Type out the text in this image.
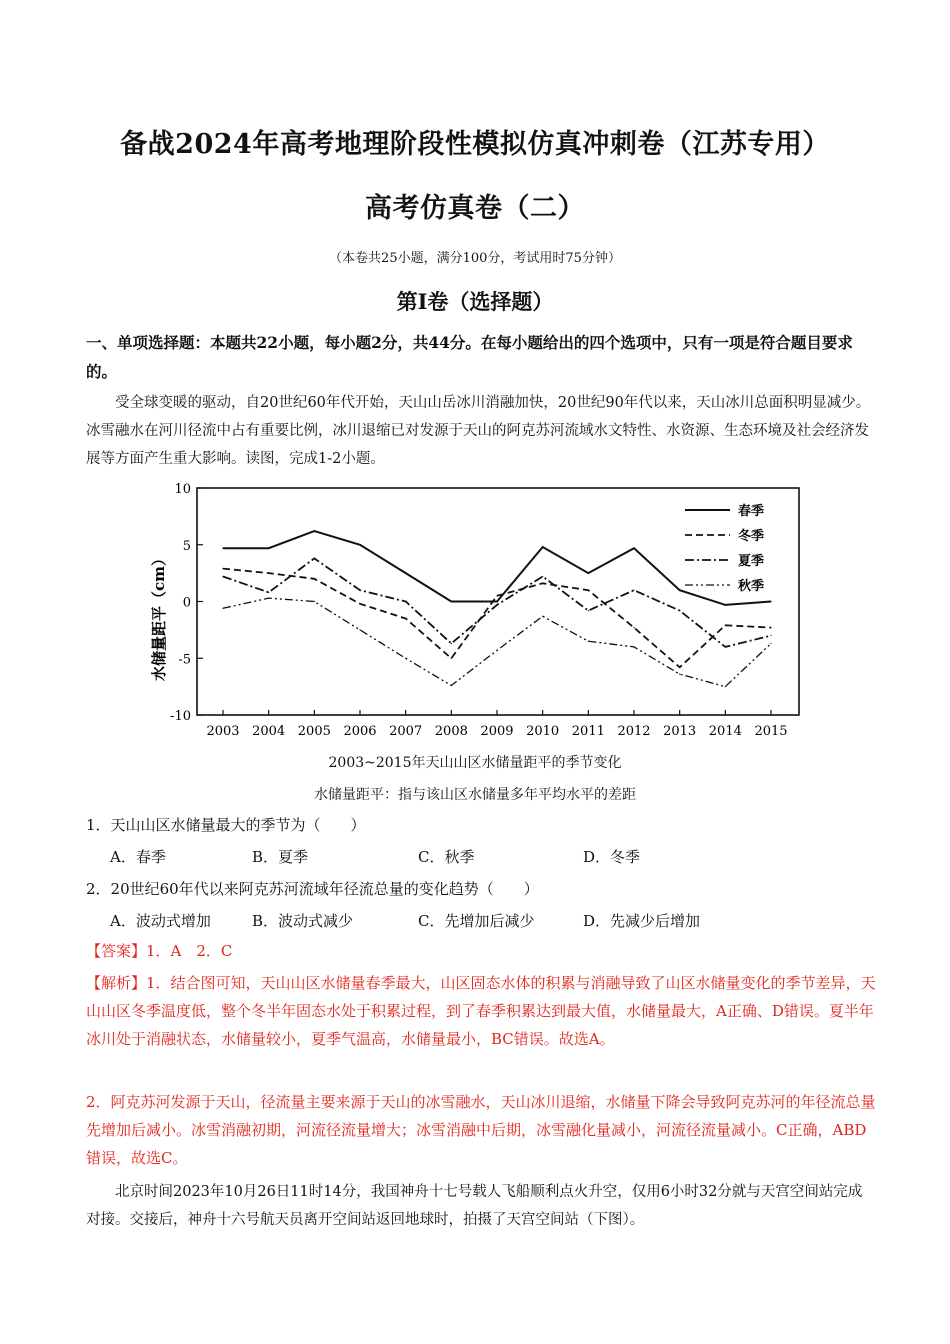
备战2024年高考地理阶段性模拟仿真冲刺卷（江苏专用）
高考仿真卷（二）
（本卷共25小题，满分100分，考试用时75分钟）
第I卷（选择题）
一、单项选择题：本题共22小题，每小题2分，共44分。在每小题给出的四个选项中，只有一项是符合题目要求的。
受全球变暖的驱动，自20世纪60年代开始，天山山岳冰川消融加快，20世纪90年代以来，天山冰川总面积明显减少。冰雪融水在河川径流中占有重要比例，冰川退缩已对发源于天山的阿克苏河流域水文特性、水资源、生态环境及社会经济发展等方面产生重大影响。读图，完成1-2小题。
水储量距平（cm）
10
5
0
-5
-10
2003 2004 2005 2006 2007 2008 2009 2010 2011 2012 2013 2014 2015
春季
冬季
夏季
秋季
2003~2015年天山山区水储量距平的季节变化
水储量距平：指与该山区水储量多年平均水平的差距
1．天山山区水储量最大的季节为（　　）
A．春季	B．夏季	C．秋季	D．冬季
2．20世纪60年代以来阿克苏河流域年径流总量的变化趋势（　　）
A．波动式增加	B．波动式减少	C．先增加后减少	D．先减少后增加
【答案】1．A　2．C
【解析】1．结合图可知，天山山区水储量春季最大，山区固态水体的积累与消融导致了山区水储量变化的季节差异，天山山区冬季温度低，整个冬半年固态水处于积累过程，到了春季积累达到最大值，水储量最大，A正确、D错误。夏半年冰川处于消融状态，水储量较小，夏季气温高，水储量最小，BC错误。故选A。
2．阿克苏河发源于天山，径流量主要来源于天山的冰雪融水，天山冰川退缩，水储量下降会导致阿克苏河的年径流总量先增加后减小。冰雪消融初期，河流径流量增大；冰雪消融中后期，冰雪融化量减小，河流径流量减小。C正确，ABD错误，故选C。
北京时间2023年10月26日11时14分，我国神舟十七号载人飞船顺利点火升空，仅用6小时32分就与天宫空间站完成对接。交接后，神舟十六号航天员离开空间站返回地球时，拍摄了天宫空间站（下图）。
